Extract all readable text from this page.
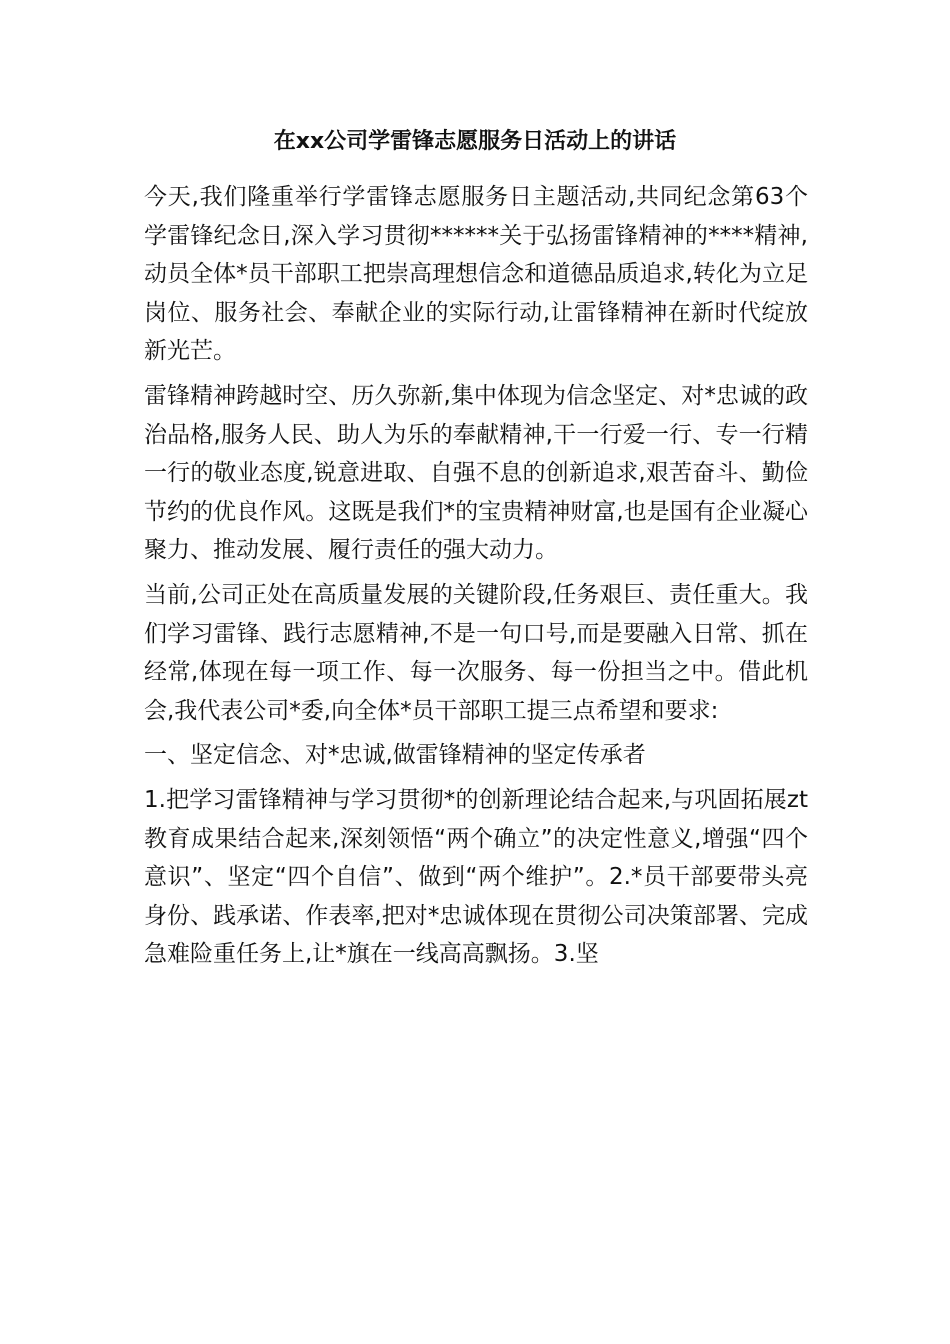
在xx公司学雷锋志愿服务日活动上的讲话

今天,我们隆重举行学雷锋志愿服务日主题活动,共同纪念第63个学雷锋纪念日,深入学习贯彻******关于弘扬雷锋精神的****精神,动员全体*员干部职工把崇高理想信念和道德品质追求,转化为立足岗位、服务社会、奉献企业的实际行动,让雷锋精神在新时代绽放新光芒。

雷锋精神跨越时空、历久弥新,集中体现为信念坚定、对*忠诚的政治品格,服务人民、助人为乐的奉献精神,干一行爱一行、专一行精一行的敬业态度,锐意进取、自强不息的创新追求,艰苦奋斗、勤俭节约的优良作风。这既是我们*的宝贵精神财富,也是国有企业凝心聚力、推动发展、履行责任的强大动力。

当前,公司正处在高质量发展的关键阶段,任务艰巨、责任重大。我们学习雷锋、践行志愿精神,不是一句口号,而是要融入日常、抓在经常,体现在每一项工作、每一次服务、每一份担当之中。借此机会,我代表公司*委,向全体*员干部职工提三点希望和要求:

一、坚定信念、对*忠诚,做雷锋精神的坚定传承者

1.把学习雷锋精神与学习贯彻*的创新理论结合起来,与巩固拓展zt教育成果结合起来,深刻领悟“两个确立”的决定性意义,增强“四个意识”、坚定“四个自信”、做到“两个维护”。2.*员干部要带头亮身份、践承诺、作表率,把对*忠诚体现在贯彻公司决策部署、完成急难险重任务上,让*旗在一线高高飘扬。3.坚
